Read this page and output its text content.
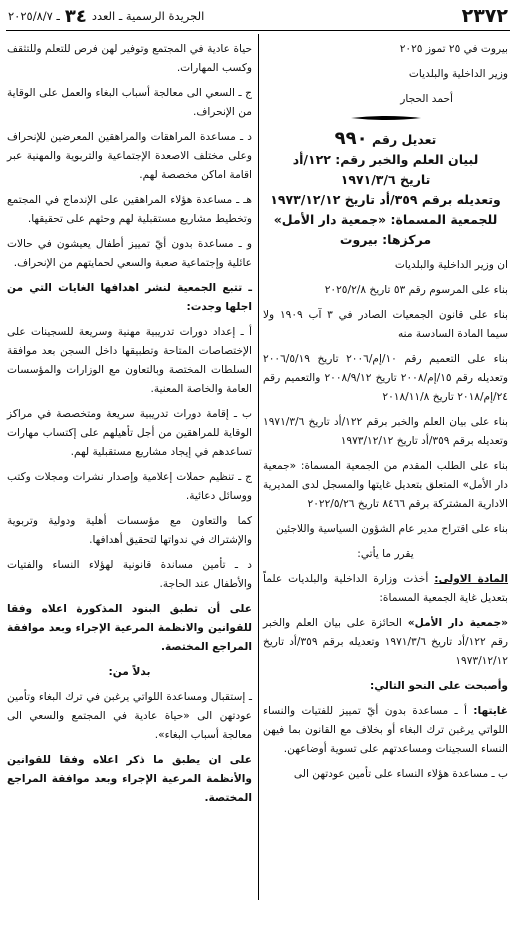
٢٣٧٢
الجريدة الرسمية ـ العدد
٣٤
ـ ٢٠٢٥/٨/٧

بيروت في ٢٥ تموز ٢٠٢٥

وزير الداخلية والبلديات

أحمد الحجار

تعديل رقم ٩٩٠
لبيان العلم والخبر رقم: ١٢٢/أد
تاريخ ١٩٧١/٣/٦
وتعديله برقم ٣٥٩/أد تاريخ ١٩٧٣/١٢/١٢
للجمعية المسماة: «جمعية دار الأمل»
مركزها: بيروت

ان وزير الداخلية والبلديات

بناء على المرسوم رقم ٥٣ تاريخ ٢٠٢٥/٢/٨

بناء على قانون الجمعيات الصادر في ٣ آب ١٩٠٩ ولا سيما المادة السادسة منه

بناء على التعميم رقم ١٠/إم/٢٠٠٦ تاريخ ٢٠٠٦/٥/١٩ وتعديله رقم ١٥/إم/٢٠٠٨ تاريخ ٢٠٠٨/٩/١٢ والتعميم رقم ٢٤/إم/٢٠١٨ تاريخ ٢٠١٨/١١/٨

بناء على بيان العلم والخبر برقم ١٢٢/أد تاريخ ١٩٧١/٣/٦ وتعديله برقم ٣٥٩/أد تاريخ ١٩٧٣/١٢/١٢

بناء على الطلب المقدم من الجمعية المسماة: «جمعية دار الأمل» المتعلق بتعديل غايتها والمسجل لدى المديرية الادارية المشتركة برقم ٨٤٦٦ تاريخ ٢٠٢٢/٥/٢٦

بناء على اقتراح مدير عام الشؤون السياسية واللاجئين

يقرر ما يأتي:

المادة الاولى: أخذت وزارة الداخلية والبلديات علماً بتعديل غاية الجمعية المسماة:

«جمعية دار الأمل» الحائزة على بيان العلم والخبر رقم ١٢٢/أد تاريخ ١٩٧١/٣/٦ وتعديله برقم ٣٥٩/أد تاريخ ١٩٧٣/١٢/١٢

وأصبحت على النحو التالي:

غايتها: أ ـ مساعدة بدون أيّ تمييز للفتيات والنساء اللواتي يرغبن ترك البغاء أو بخلاف مع القانون بما فيهن النساء السجينات ومساعدتهم على تسوية أوضاعهن.

ب ـ مساعدة هؤلاء النساء على تأمين عودتهن الى

حياة عادية في المجتمع وتوفير لهن فرص للتعلم وللتثقف وكسب المهارات.

ج ـ السعي الى معالجة أسباب البغاء والعمل على الوقاية من الإنحراف.

د ـ مساعدة المراهقات والمراهقين المعرضين للإنحراف وعلى مختلف الاصعدة الإجتماعية والتربوية والمهنية عبر اقامة اماكن مخصصة لهم.

هـ ـ مساعدة هؤلاء المراهقين على الإندماج في المجتمع وتخطيط مشاريع مستقبلية لهم وحثهم على تحقيقها.

و ـ مساعدة بدون أيّ تمييز أطفال يعيشون في حالات عائلية وإجتماعية صعبة والسعي لحمايتهم من الإنحراف.

ـ تتبع الجمعية لنشر اهدافها الغايات التي من اجلها وجدت:

أ ـ إعداد دورات تدريبية مهنية وسريعة للسجينات على الإختصاصات المتاحة وتطبيقها داخل السجن بعد موافقة السلطات المختصة وبالتعاون مع الوزارات والمؤسسات العامة والخاصة المعنية.

ب ـ إقامة دورات تدريبية سريعة ومتخصصة في مراكز الوقاية للمراهقين من أجل تأهيلهم على إكتساب مهارات تساعدهم في إيجاد مشاريع مستقبلية لهم.

ج ـ تنظيم حملات إعلامية وإصدار نشرات ومجلات وكتب ووسائل دعائية.

كما والتعاون مع مؤسسات أهلية ودولية وتربوية والإشتراك في ندواتها لتحقيق أهدافها.

د ـ تأمين مساندة قانونية لهؤلاء النساء والفتيات والأطفال عند الحاجة.

على أن تطبق البنود المذكورة اعلاه وفقا للقوانين والانظمة المرعية الإجراء وبعد موافقة المراجع المختصة.

بدلاً من:

ـ إستقبال ومساعدة اللواتي يرغبن في ترك البغاء وتأمين عودتهن الى «حياة عادية في المجتمع والسعي الى معالجة أسباب البغاء».

على ان يطبق ما ذكر اعلاه وفقا للقوانين والأنظمة المرعية الإجراء وبعد موافقة المراجع المختصة.
